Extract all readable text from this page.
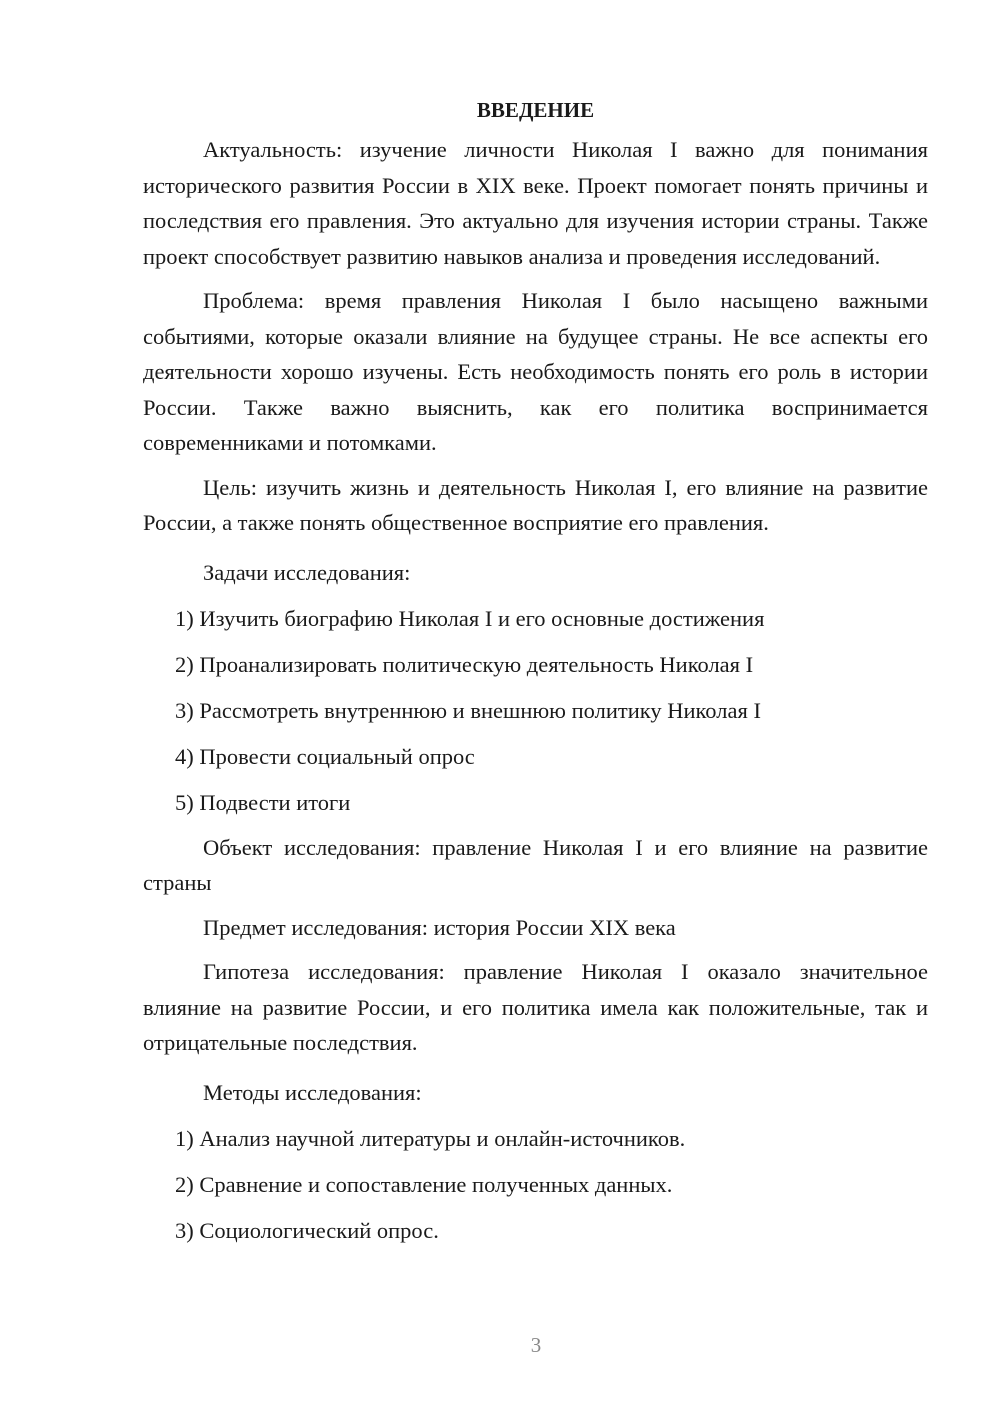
ВВЕДЕНИЕ

Актуальность: изучение личности Николая I важно для понимания исторического развития России в XIX веке. Проект помогает понять причины и последствия его правления. Это актуально для изучения истории страны. Также проект способствует развитию навыков анализа и проведения исследований.

Проблема: время правления Николая I было насыщено важными событиями, которые оказали влияние на будущее страны. Не все аспекты его деятельности хорошо изучены. Есть необходимость понять его роль в истории России. Также важно выяснить, как его политика воспринимается современниками и потомками.

Цель: изучить жизнь и деятельность Николая I, его влияние на развитие России, а также понять общественное восприятие его правления.

Задачи исследования:
1) Изучить биографию Николая I и его основные достижения
2) Проанализировать политическую деятельность Николая I
3) Рассмотреть внутреннюю и внешнюю политику Николая I
4) Провести социальный опрос
5) Подвести итоги

Объект исследования: правление Николая I и его влияние на развитие страны

Предмет исследования: история России XIX века

Гипотеза исследования: правление Николая I оказало значительное влияние на развитие России, и его политика имела как положительные, так и отрицательные последствия.

Методы исследования:
1) Анализ научной литературы и онлайн-источников.
2) Сравнение и сопоставление полученных данных.
3) Социологический опрос.
3
